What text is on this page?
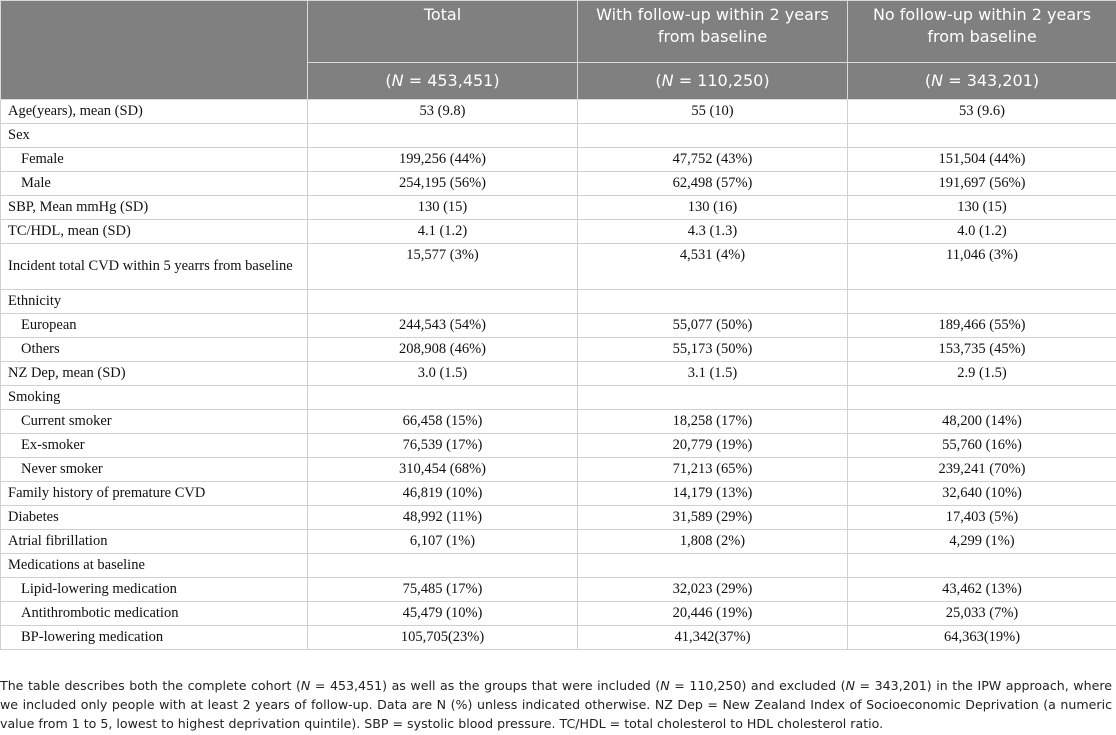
	Total	With follow-up within 2 years from baseline	No follow-up within 2 years from baseline
	(N = 453,451)	(N = 110,250)	(N = 343,201)
Age(years), mean (SD)	53 (9.8)	55 (10)	53 (9.6)
Sex			
Female	199,256 (44%)	47,752 (43%)	151,504 (44%)
Male	254,195 (56%)	62,498 (57%)	191,697 (56%)
SBP, Mean mmHg (SD)	130 (15)	130 (16)	130 (15)
TC/HDL, mean (SD)	4.1 (1.2)	4.3 (1.3)	4.0 (1.2)
Incident total CVD within 5 yearrs from baseline	15,577 (3%)	4,531 (4%)	11,046 (3%)
Ethnicity			
European	244,543 (54%)	55,077 (50%)	189,466 (55%)
Others	208,908 (46%)	55,173 (50%)	153,735 (45%)
NZ Dep, mean (SD)	3.0 (1.5)	3.1 (1.5)	2.9 (1.5)
Smoking			
Current smoker	66,458 (15%)	18,258 (17%)	48,200 (14%)
Ex-smoker	76,539 (17%)	20,779 (19%)	55,760 (16%)
Never smoker	310,454 (68%)	71,213 (65%)	239,241 (70%)
Family history of premature CVD	46,819 (10%)	14,179 (13%)	32,640 (10%)
Diabetes	48,992 (11%)	31,589 (29%)	17,403 (5%)
Atrial fibrillation	6,107 (1%)	1,808 (2%)	4,299 (1%)
Medications at baseline			
Lipid-lowering medication	75,485 (17%)	32,023 (29%)	43,462 (13%)
Antithrombotic medication	45,479 (10%)	20,446 (19%)	25,033 (7%)
BP-lowering medication	105,705(23%)	41,342(37%)	64,363(19%)

The table describes both the complete cohort (N = 453,451) as well as the groups that were included (N = 110,250) and excluded (N = 343,201) in the IPW approach, where we included only people with at least 2 years of follow-up. Data are N (%) unless indicated otherwise. NZ Dep = New Zealand Index of Socioeconomic Deprivation (a numeric value from 1 to 5, lowest to highest deprivation quintile). SBP = systolic blood pressure. TC/HDL = total cholesterol to HDL cholesterol ratio.
